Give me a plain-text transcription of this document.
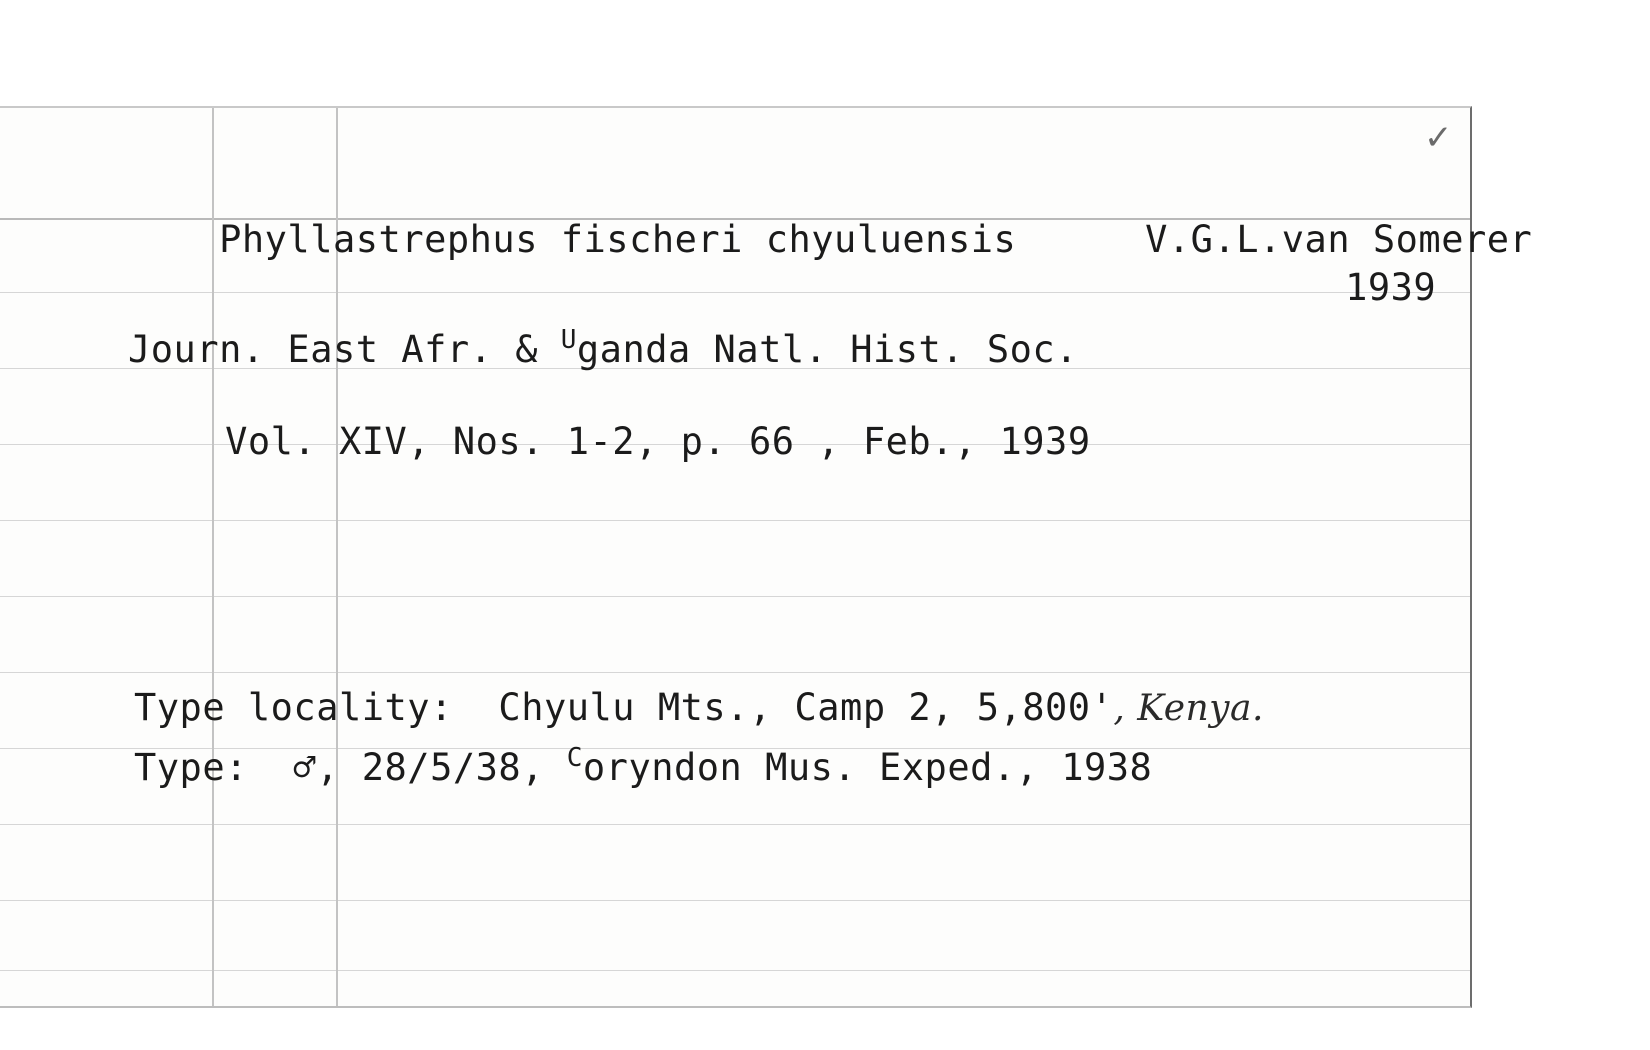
✓

Phyllastrephus fischeri chyuluensis
	V.G.L.van Somerer

1939

Journ. East Afr. & $^U$ganda Natl. Hist. Soc.

Vol. XIV, Nos. 1-2, p. 66 , Feb., 1939

Type locality:  Chyulu Mts., Camp 2, 5,800', Kenya.
Type:  ♂, 28/5/38, $^C$oryndon Mus. Exped., 1938
